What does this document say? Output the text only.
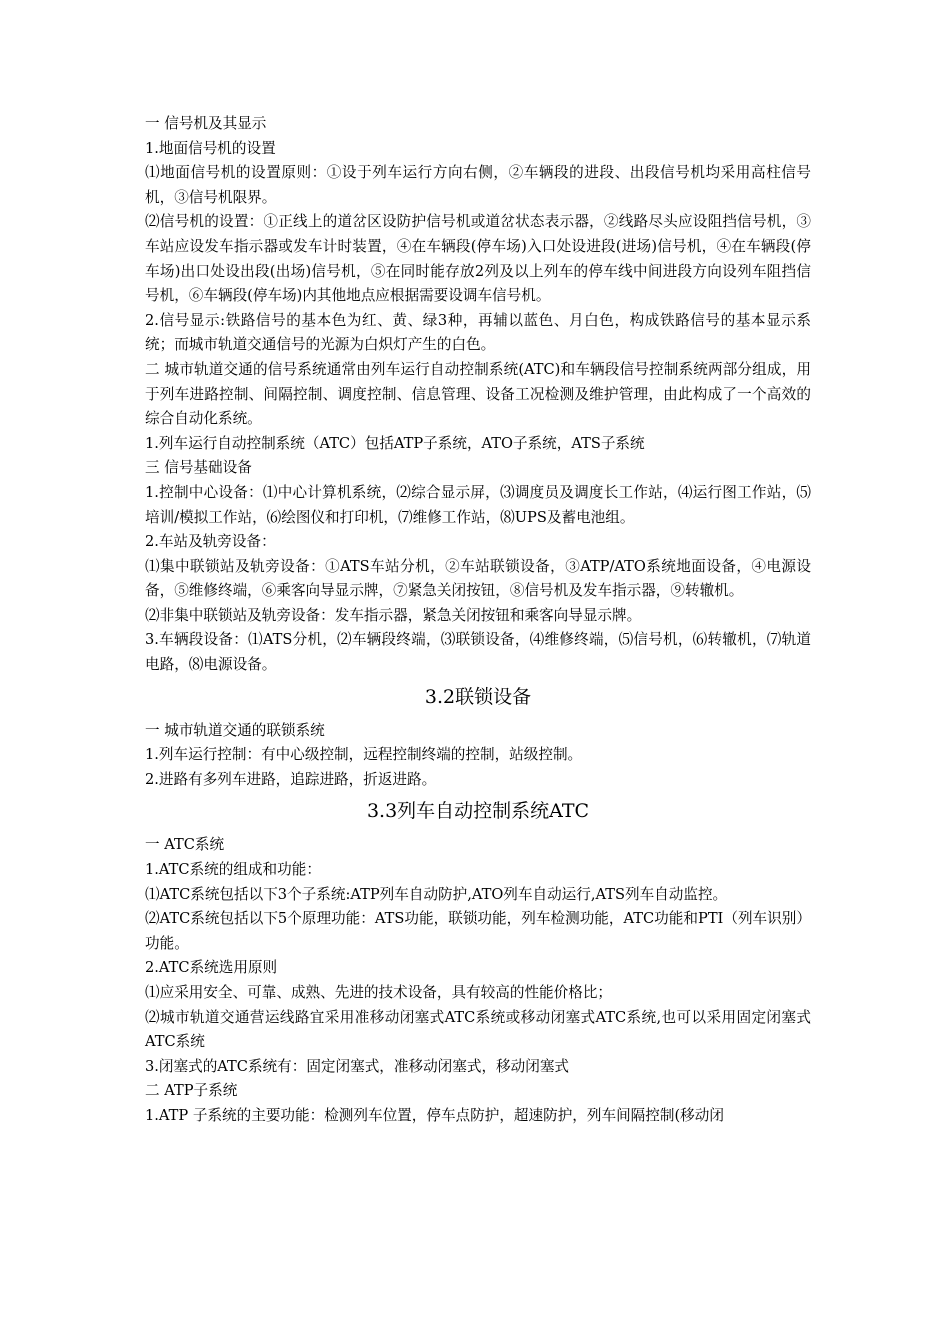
一 信号机及其显示
1.地面信号机的设置
⑴地面信号机的设置原则：①设于列车运行方向右侧，②车辆段的进段、出段信号机均采用高柱信号机，③信号机限界。
⑵信号机的设置：①正线上的道岔区设防护信号机或道岔状态表示器，②线路尽头应设阻挡信号机，③车站应设发车指示器或发车计时装置，④在车辆段(停车场)入口处设进段(进场)信号机，④在车辆段(停车场)出口处设出段(出场)信号机，⑤在同时能存放2列及以上列车的停车线中间进段方向设列车阻挡信号机，⑥车辆段(停车场)内其他地点应根据需要设调车信号机。
2.信号显示:铁路信号的基本色为红、黄、绿3种，再辅以蓝色、月白色，构成铁路信号的基本显示系统；而城市轨道交通信号的光源为白炽灯产生的白色。
二 城市轨道交通的信号系统通常由列车运行自动控制系统(ATC)和车辆段信号控制系统两部分组成，用于列车进路控制、间隔控制、调度控制、信息管理、设备工况检测及维护管理，由此构成了一个高效的综合自动化系统。
1.列车运行自动控制系统（ATC）包括ATP子系统，ATO子系统，ATS子系统
三 信号基础设备
1.控制中心设备：⑴中心计算机系统，⑵综合显示屏，⑶调度员及调度长工作站，⑷运行图工作站，⑸培训/模拟工作站，⑹绘图仪和打印机，⑺维修工作站，⑻UPS及蓄电池组。
2.车站及轨旁设备：
⑴集中联锁站及轨旁设备：①ATS车站分机，②车站联锁设备，③ATP/ATO系统地面设备，④电源设备，⑤维修终端，⑥乘客向导显示牌，⑦紧急关闭按钮，⑧信号机及发车指示器，⑨转辙机。
⑵非集中联锁站及轨旁设备：发车指示器，紧急关闭按钮和乘客向导显示牌。
3.车辆段设备：⑴ATS分机，⑵车辆段终端，⑶联锁设备，⑷维修终端，⑸信号机，⑹转辙机，⑺轨道电路，⑻电源设备。
3.2联锁设备
一 城市轨道交通的联锁系统
1.列车运行控制：有中心级控制，远程控制终端的控制，站级控制。
2.进路有多列车进路，追踪进路，折返进路。
3.3列车自动控制系统ATC
一 ATC系统
1.ATC系统的组成和功能：
⑴ATC系统包括以下3个子系统:ATP列车自动防护,ATO列车自动运行,ATS列车自动监控。
⑵ATC系统包括以下5个原理功能：ATS功能，联锁功能，列车检测功能，ATC功能和PTI（列车识别）功能。
2.ATC系统选用原则
⑴应采用安全、可靠、成熟、先进的技术设备，具有较高的性能价格比；
⑵城市轨道交通营运线路宜采用准移动闭塞式ATC系统或移动闭塞式ATC系统,也可以采用固定闭塞式ATC系统
3.闭塞式的ATC系统有：固定闭塞式，准移动闭塞式，移动闭塞式
二 ATP子系统
1.ATP 子系统的主要功能：检测列车位置，停车点防护，超速防护，列车间隔控制(移动闭
